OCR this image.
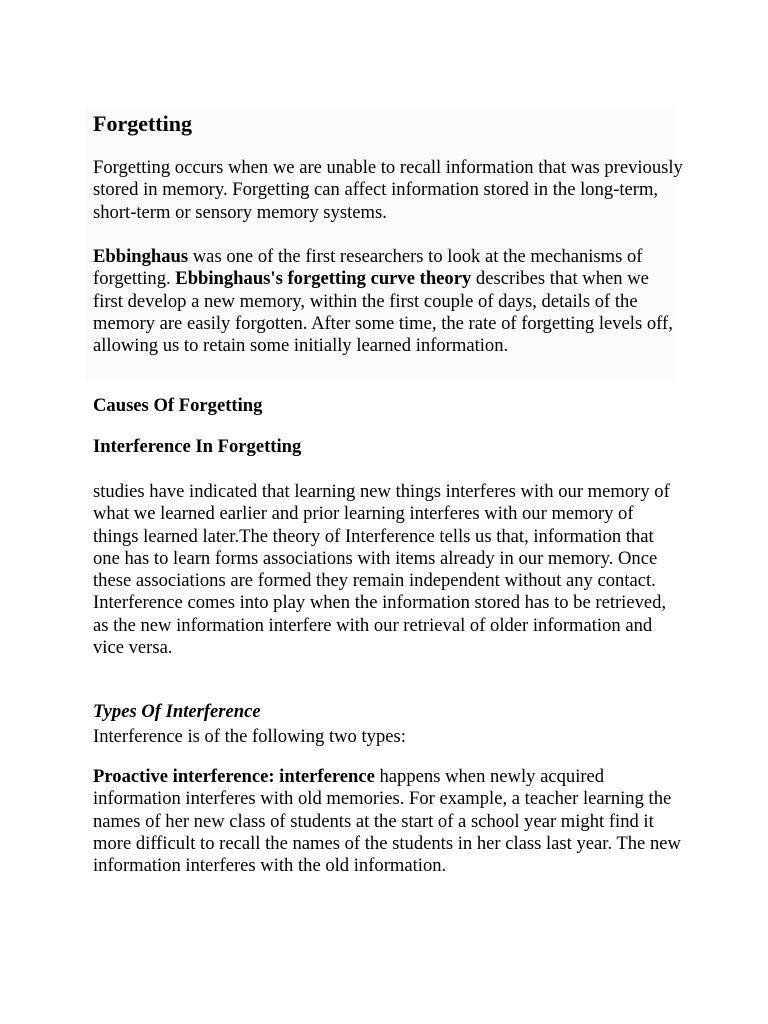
Forgetting

Forgetting occurs when we are unable to recall information that was previously stored in memory. Forgetting can affect information stored in the long-term, short-term or sensory memory systems.

Ebbinghaus was one of the first researchers to look at the mechanisms of forgetting. Ebbinghaus's forgetting curve theory describes that when we first develop a new memory, within the first couple of days, details of the memory are easily forgotten. After some time, the rate of forgetting levels off, allowing us to retain some initially learned information.

Causes Of Forgetting
Interference In Forgetting

studies have indicated that learning new things interferes with our memory of what we learned earlier and prior learning interferes with our memory of things learned later.The theory of Interference tells us that, information that one has to learn forms associations with items already in our memory. Once these associations are formed they remain independent without any contact. Interference comes into play when the information stored has to be retrieved, as the new information interfere with our retrieval of older information and vice versa.

Types Of Interference

Interference is of the following two types:

Proactive interference: interference happens when newly acquired information interferes with old memories. For example, a teacher learning the names of her new class of students at the start of a school year might find it more difficult to recall the names of the students in her class last year. The new information interferes with the old information.
